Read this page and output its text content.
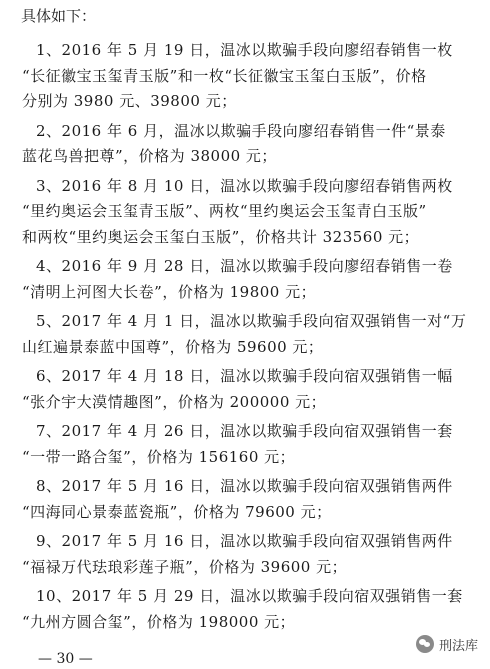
具体如下：
1、2016 年 5 月 19 日，温冰以欺骗手段向廖绍春销售一枚
“长征徽宝玉玺青玉版”和一枚“长征徽宝玉玺白玉版”，价格
分别为 3980 元、39800 元；
2、2016 年 6 月，温冰以欺骗手段向廖绍春销售一件“景泰
蓝花鸟兽把尊”，价格为 38000 元；
3、2016 年 8 月 10 日，温冰以欺骗手段向廖绍春销售两枚
“里约奥运会玉玺青玉版”、两枚“里约奥运会玉玺青白玉版”
和两枚“里约奥运会玉玺白玉版”，价格共计 323560 元；
4、2016 年 9 月 28 日，温冰以欺骗手段向廖绍春销售一卷
“清明上河图大长卷”，价格为 19800 元；
5、2017 年 4 月 1 日，温冰以欺骗手段向宿双强销售一对“万
山红遍景泰蓝中国尊”，价格为 59600 元；
6、2017 年 4 月 18 日，温冰以欺骗手段向宿双强销售一幅
“张介宇大漠情趣图”，价格为 200000 元；
7、2017 年 4 月 26 日，温冰以欺骗手段向宿双强销售一套
“一带一路合玺”，价格为 156160 元；
8、2017 年 5 月 16 日，温冰以欺骗手段向宿双强销售两件
“四海同心景泰蓝瓷瓶”，价格为 79600 元；
9、2017 年 5 月 16 日，温冰以欺骗手段向宿双强销售两件
“福禄万代珐琅彩莲子瓶”，价格为 39600 元；
10、2017 年 5 月 29 日，温冰以欺骗手段向宿双强销售一套
“九州方圆合玺”，价格为 198000 元；
— 30 —
刑法库
